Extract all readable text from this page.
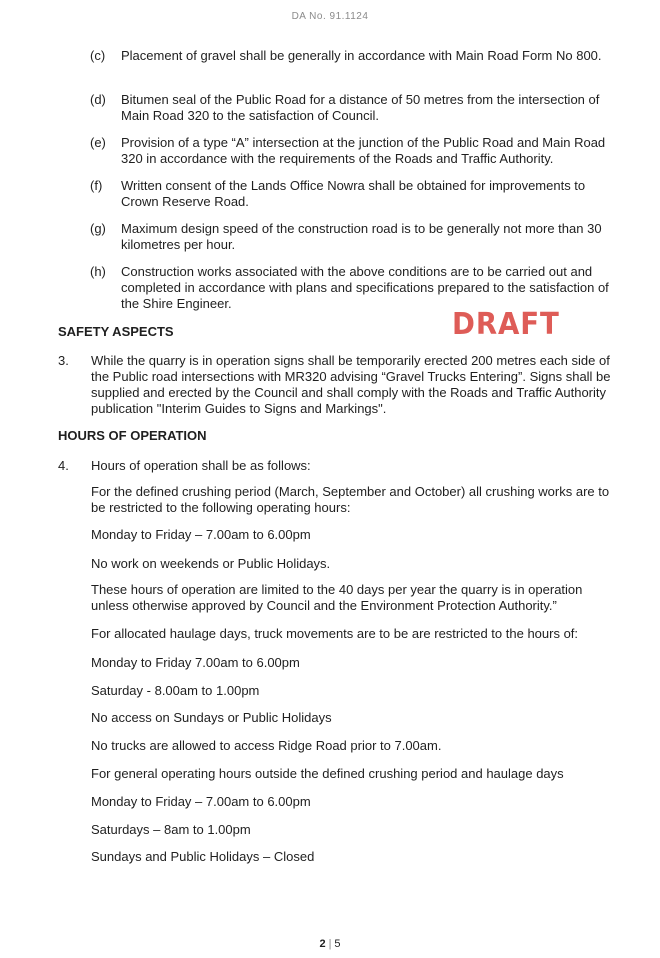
DA No. 91.1124
(c) Placement of gravel shall be generally in accordance with Main Road Form No 800.
(d) Bitumen seal of the Public Road for a distance of 50 metres from the intersection of Main Road 320 to the satisfaction of Council.
(e) Provision of a type “A” intersection at the junction of the Public Road and Main Road 320 in accordance with the requirements of the Roads and Traffic Authority.
(f) Written consent of the Lands Office Nowra shall be obtained for improvements to Crown Reserve Road.
(g) Maximum design speed of the construction road is to be generally not more than 30 kilometres per hour.
(h) Construction works associated with the above conditions are to be carried out and completed in accordance with plans and specifications prepared to the satisfaction of the Shire Engineer.
SAFETY ASPECTS	DRAFT
3. While the quarry is in operation signs shall be temporarily erected 200 metres each side of the Public road intersections with MR320 advising “Gravel Trucks Entering”. Signs shall be supplied and erected by the Council and shall comply with the Roads and Traffic Authority publication "Interim Guides to Signs and Markings".
HOURS OF OPERATION
4. Hours of operation shall be as follows:
For the defined crushing period (March, September and October) all crushing works are to be restricted to the following operating hours:
Monday to Friday – 7.00am to 6.00pm
No work on weekends or Public Holidays.
These hours of operation are limited to the 40 days per year the quarry is in operation unless otherwise approved by Council and the Environment Protection Authority.”
For allocated haulage days, truck movements are to be are restricted to the hours of:
Monday to Friday 7.00am to 6.00pm
Saturday - 8.00am to 1.00pm
No access on Sundays or Public Holidays
No trucks are allowed to access Ridge Road prior to 7.00am.
For general operating hours outside the defined crushing period and haulage days
Monday to Friday – 7.00am to 6.00pm
Saturdays – 8am to 1.00pm
Sundays and Public Holidays – Closed
2 | 5
